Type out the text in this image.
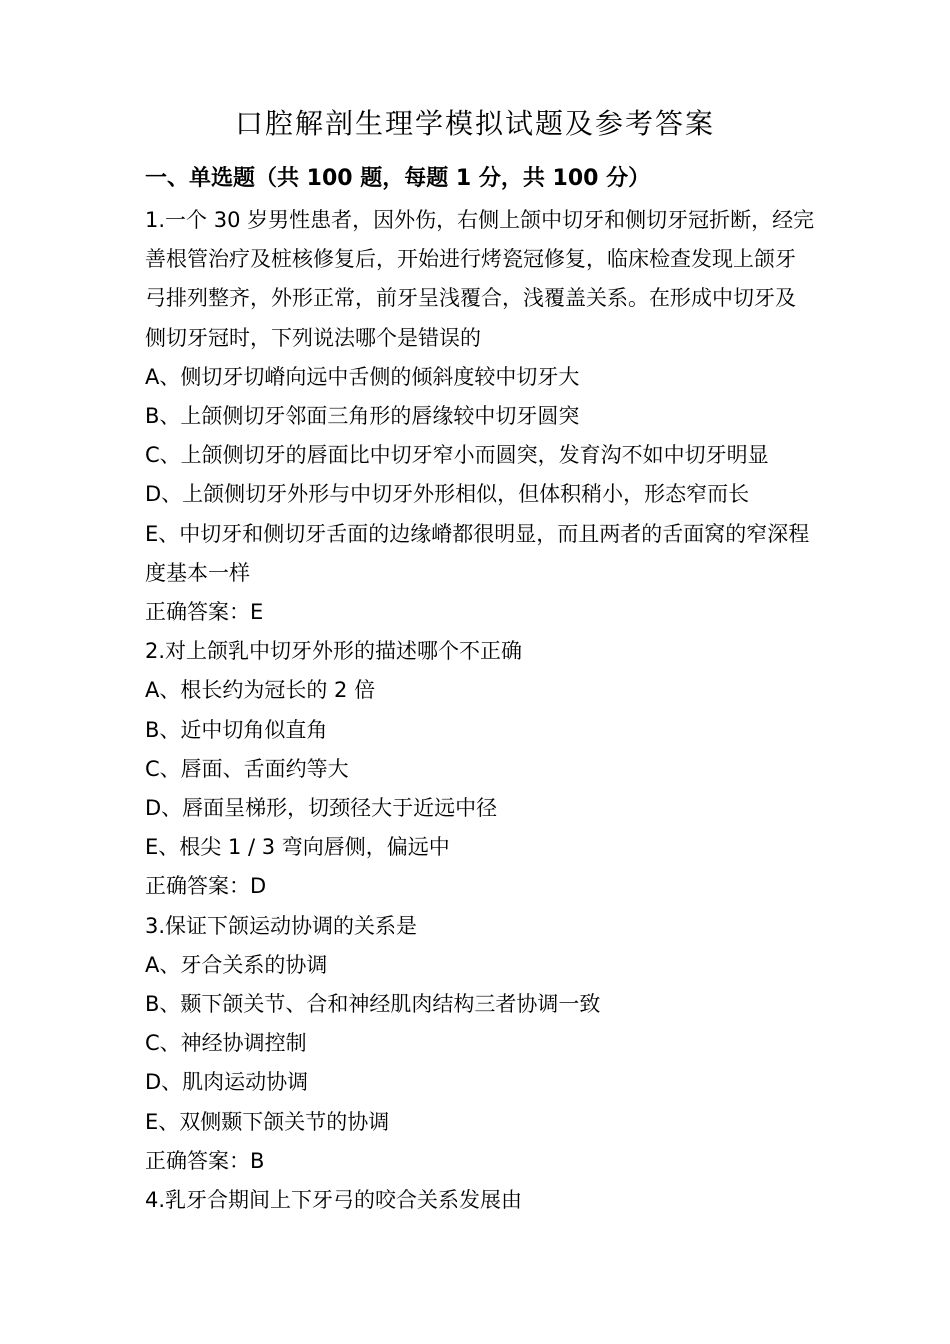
口腔解剖生理学模拟试题及参考答案
一、单选题（共 100 题，每题 1 分，共 100 分）

1.一个 30 岁男性患者，因外伤，右侧上颌中切牙和侧切牙冠折断，经完善根管治疗及桩核修复后，开始进行烤瓷冠修复，临床检查发现上颌牙弓排列整齐，外形正常，前牙呈浅覆合，浅覆盖关系。在形成中切牙及侧切牙冠时，下列说法哪个是错误的

A、侧切牙切嵴向远中舌侧的倾斜度较中切牙大

B、上颌侧切牙邻面三角形的唇缘较中切牙圆突

C、上颌侧切牙的唇面比中切牙窄小而圆突，发育沟不如中切牙明显

D、上颌侧切牙外形与中切牙外形相似，但体积稍小，形态窄而长

E、中切牙和侧切牙舌面的边缘嵴都很明显，而且两者的舌面窝的窄深程度基本一样

正确答案：E

2.对上颌乳中切牙外形的描述哪个不正确

A、根长约为冠长的 2 倍

B、近中切角似直角

C、唇面、舌面约等大

D、唇面呈梯形，切颈径大于近远中径

E、根尖 1 / 3 弯向唇侧，偏远中

正确答案：D

3.保证下颌运动协调的关系是

A、牙合关系的协调

B、颞下颌关节、合和神经肌肉结构三者协调一致

C、神经协调控制

D、肌肉运动协调

E、双侧颞下颌关节的协调

正确答案：B

4.乳牙合期间上下牙弓的咬合关系发展由
